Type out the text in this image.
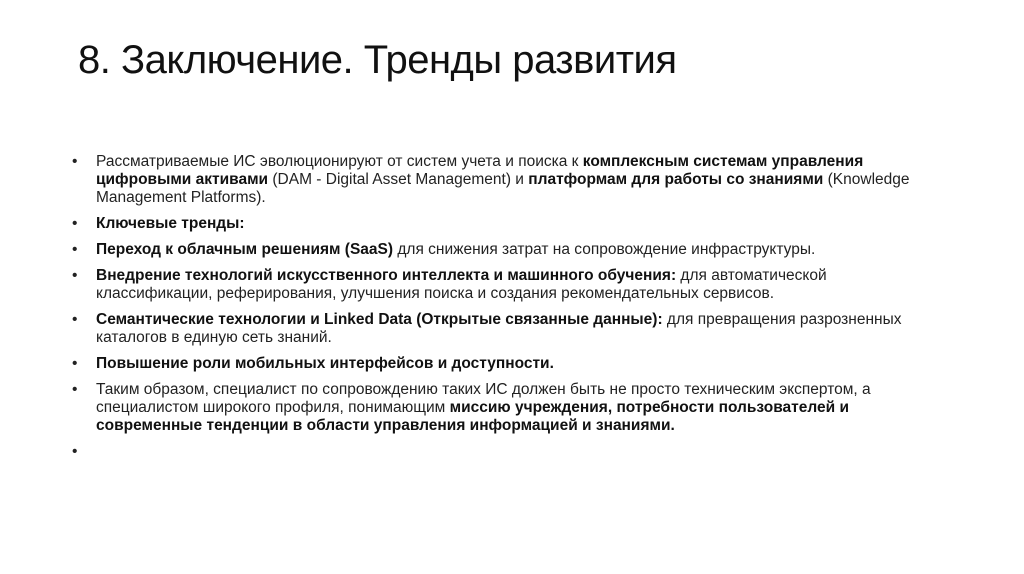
8. Заключение. Тренды развития
•	Рассматриваемые ИС эволюционируют от систем учета и поиска к комплексным системам управления цифровыми активами (DAM - Digital Asset Management) и платформам для работы со знаниями (Knowledge Management Platforms).
•	Ключевые тренды:
•	Переход к облачным решениям (SaaS) для снижения затрат на сопровождение инфраструктуры.
•	Внедрение технологий искусственного интеллекта и машинного обучения: для автоматической классификации, реферирования, улучшения поиска и создания рекомендательных сервисов.
•	Семантические технологии и Linked Data (Открытые связанные данные): для превращения разрозненных каталогов в единую сеть знаний.
•	Повышение роли мобильных интерфейсов и доступности.
•	Таким образом, специалист по сопровождению таких ИС должен быть не просто техническим экспертом, а специалистом широкого профиля, понимающим миссию учреждения, потребности пользователей и современные тенденции в области управления информацией и знаниями.
•
